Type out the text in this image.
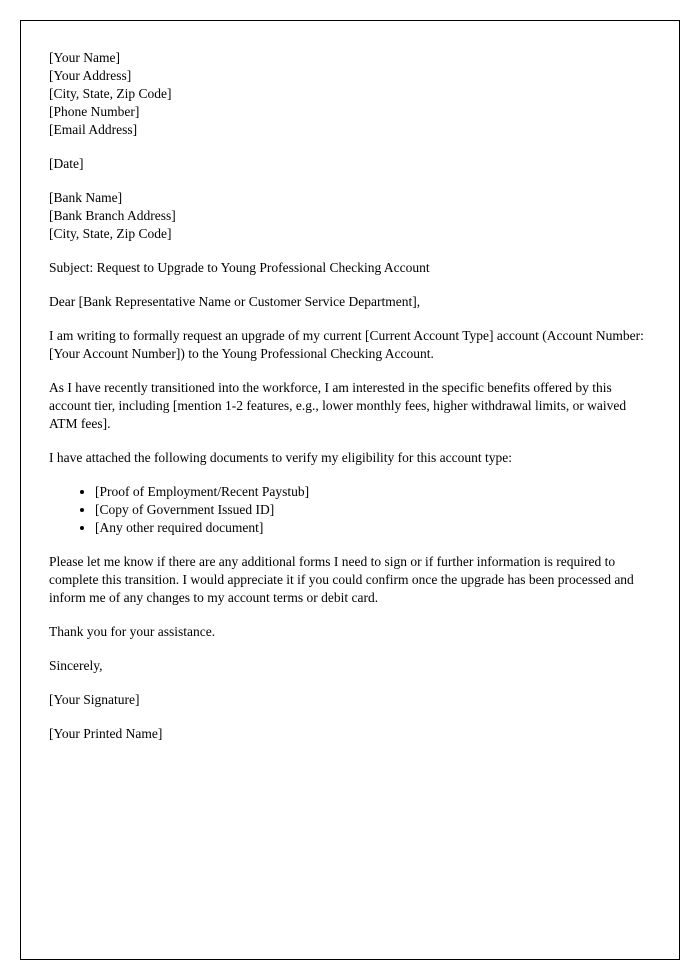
[Your Name]
[Your Address]
[City, State, Zip Code]
[Phone Number]
[Email Address]

[Date]

[Bank Name]
[Bank Branch Address]
[City, State, Zip Code]

Subject: Request to Upgrade to Young Professional Checking Account

Dear [Bank Representative Name or Customer Service Department],

I am writing to formally request an upgrade of my current [Current Account Type] account (Account Number: [Your Account Number]) to the Young Professional Checking Account.

As I have recently transitioned into the workforce, I am interested in the specific benefits offered by this account tier, including [mention 1-2 features, e.g., lower monthly fees, higher withdrawal limits, or waived ATM fees].

I have attached the following documents to verify my eligibility for this account type:

• [Proof of Employment/Recent Paystub]
• [Copy of Government Issued ID]
• [Any other required document]

Please let me know if there are any additional forms I need to sign or if further information is required to complete this transition. I would appreciate it if you could confirm once the upgrade has been processed and inform me of any changes to my account terms or debit card.

Thank you for your assistance.

Sincerely,

[Your Signature]

[Your Printed Name]
